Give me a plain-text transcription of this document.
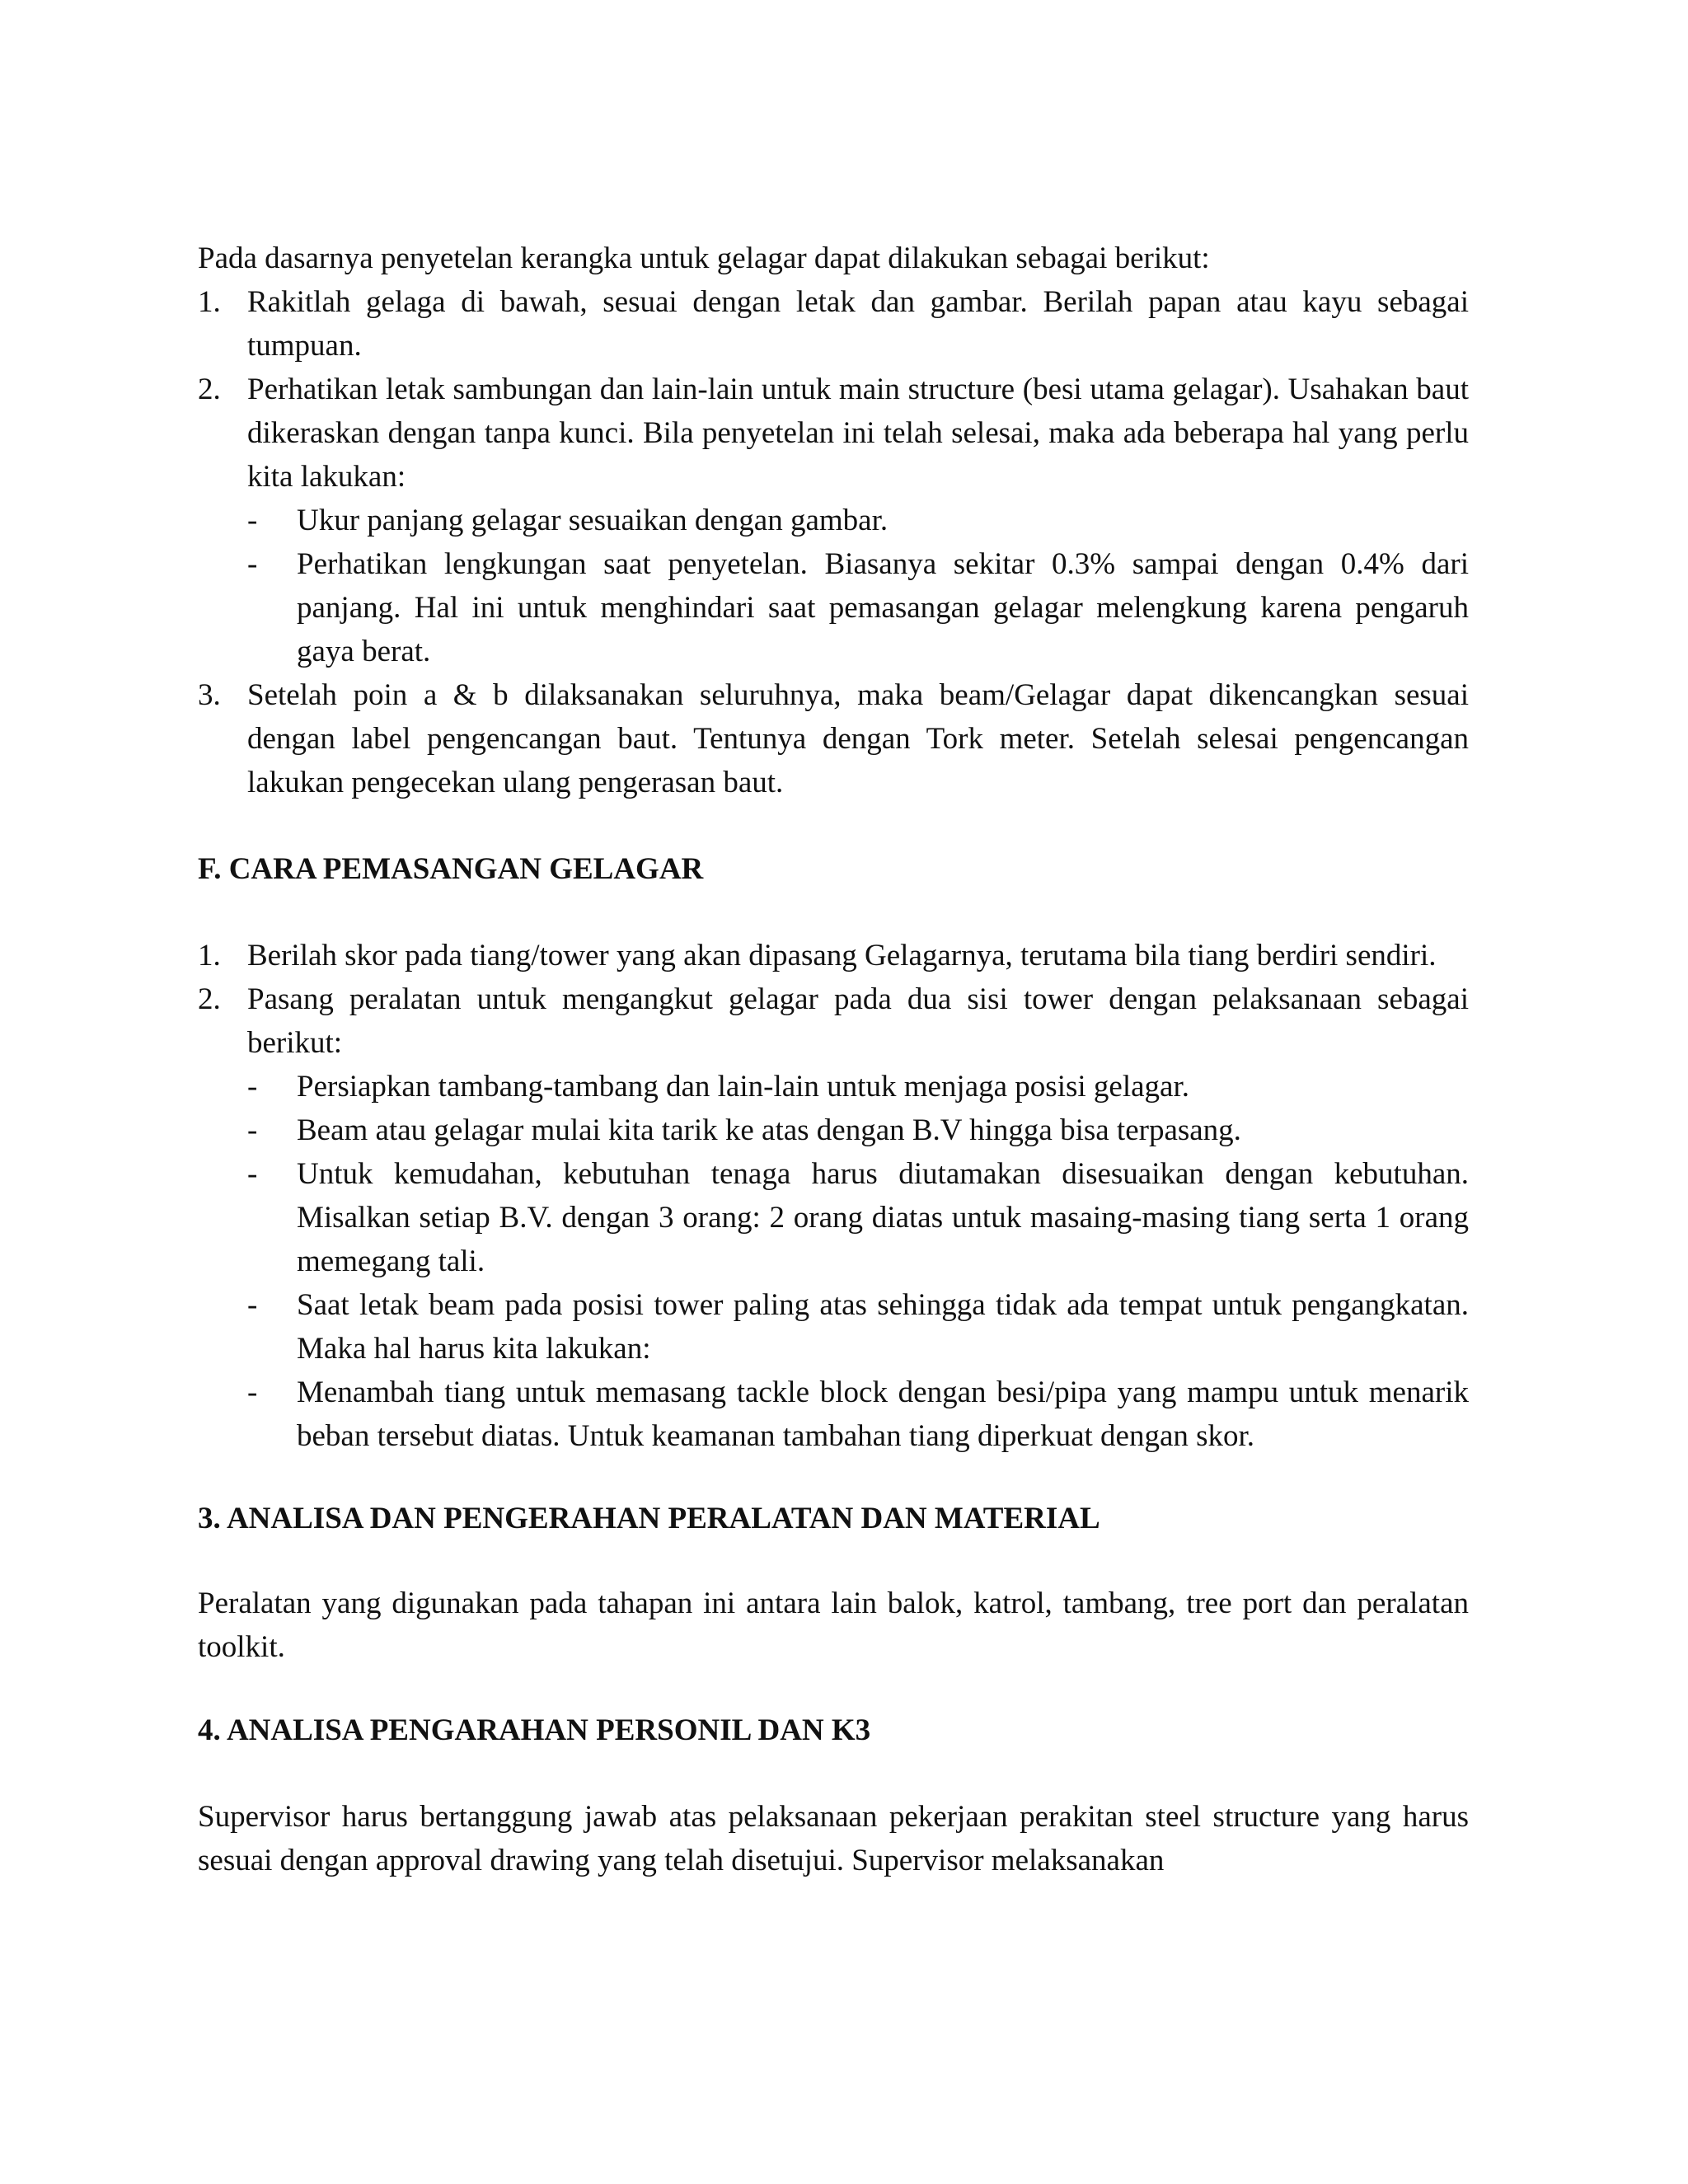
Pada dasarnya penyetelan kerangka untuk gelagar dapat dilakukan sebagai berikut:

1. Rakitlah gelaga di bawah, sesuai dengan letak dan gambar. Berilah papan atau kayu sebagai tumpuan.
2. Perhatikan letak sambungan dan lain-lain untuk main structure (besi utama gelagar). Usahakan baut dikeraskan dengan tanpa kunci. Bila penyetelan ini telah selesai, maka ada beberapa hal yang perlu kita lakukan:
- Ukur panjang gelagar sesuaikan dengan gambar.
- Perhatikan lengkungan saat penyetelan. Biasanya sekitar 0.3% sampai dengan 0.4% dari panjang. Hal ini untuk menghindari saat pemasangan gelagar melengkung karena pengaruh gaya berat.
3. Setelah poin a & b dilaksanakan seluruhnya, maka beam/Gelagar dapat dikencangkan sesuai dengan label pengencangan baut. Tentunya dengan Tork meter. Setelah selesai pengencangan lakukan pengecekan ulang pengerasan baut.
F. CARA PEMASANGAN GELAGAR
1. Berilah skor pada tiang/tower yang akan dipasang Gelagarnya, terutama bila tiang berdiri sendiri.
2. Pasang peralatan untuk mengangkut gelagar pada dua sisi tower dengan pelaksanaan sebagai berikut:
- Persiapkan tambang-tambang dan lain-lain untuk menjaga posisi gelagar.
- Beam atau gelagar mulai kita tarik ke atas dengan B.V hingga bisa terpasang.
- Untuk kemudahan, kebutuhan tenaga harus diutamakan disesuaikan dengan kebutuhan. Misalkan setiap B.V. dengan 3 orang: 2 orang diatas untuk masaing-masing tiang serta 1 orang memegang tali.
- Saat letak beam pada posisi tower paling atas sehingga tidak ada tempat untuk pengangkatan. Maka hal harus kita lakukan:
- Menambah tiang untuk memasang tackle block dengan besi/pipa yang mampu untuk menarik beban tersebut diatas. Untuk keamanan tambahan tiang diperkuat dengan skor.
3. ANALISA DAN PENGERAHAN PERALATAN DAN MATERIAL

Peralatan yang digunakan pada tahapan ini antara lain balok, katrol, tambang, tree port dan peralatan toolkit.

4. ANALISA PENGARAHAN PERSONIL DAN K3

Supervisor harus bertanggung jawab atas pelaksanaan pekerjaan perakitan steel structure yang harus sesuai dengan approval drawing yang telah disetujui. Supervisor melaksanakan
